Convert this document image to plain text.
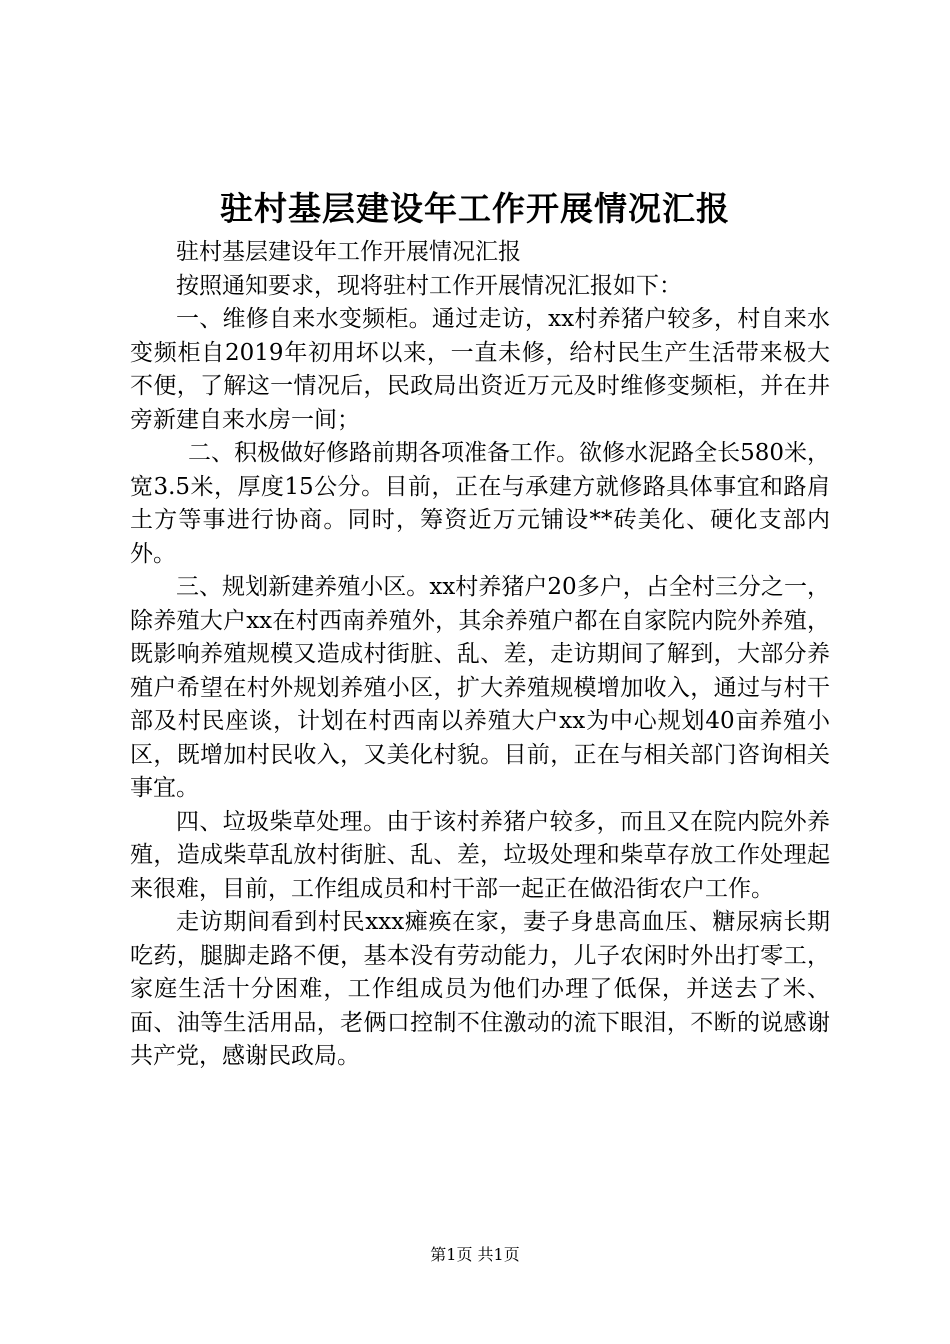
驻村基层建设年工作开展情况汇报

驻村基层建设年工作开展情况汇报

按照通知要求，现将驻村工作开展情况汇报如下：

一、维修自来水变频柜。通过走访，xx村养猪户较多，村自来水变频柜自2019年初用坏以来，一直未修，给村民生产生活带来极大不便，了解这一情况后，民政局出资近万元及时维修变频柜，并在井旁新建自来水房一间；

二、积极做好修路前期各项准备工作。欲修水泥路全长580米，宽3.5米，厚度15公分。目前，正在与承建方就修路具体事宜和路肩土方等事进行协商。同时，筹资近万元铺设**砖美化、硬化支部内外。

三、规划新建养殖小区。xx村养猪户20多户，占全村三分之一，除养殖大户xx在村西南养殖外，其余养殖户都在自家院内院外养殖，既影响养殖规模又造成村街脏、乱、差，走访期间了解到，大部分养殖户希望在村外规划养殖小区，扩大养殖规模增加收入，通过与村干部及村民座谈，计划在村西南以养殖大户xx为中心规划40亩养殖小区，既增加村民收入，又美化村貌。目前，正在与相关部门咨询相关事宜。

四、垃圾柴草处理。由于该村养猪户较多，而且又在院内院外养殖，造成柴草乱放村街脏、乱、差，垃圾处理和柴草存放工作处理起来很难，目前，工作组成员和村干部一起正在做沿街农户工作。

走访期间看到村民xxx瘫痪在家，妻子身患高血压、糖尿病长期吃药，腿脚走路不便，基本没有劳动能力，儿子农闲时外出打零工，家庭生活十分困难，工作组成员为他们办理了低保，并送去了米、面、油等生活用品，老俩口控制不住激动的流下眼泪，不断的说感谢共产党，感谢民政局。

第1页 共1页
